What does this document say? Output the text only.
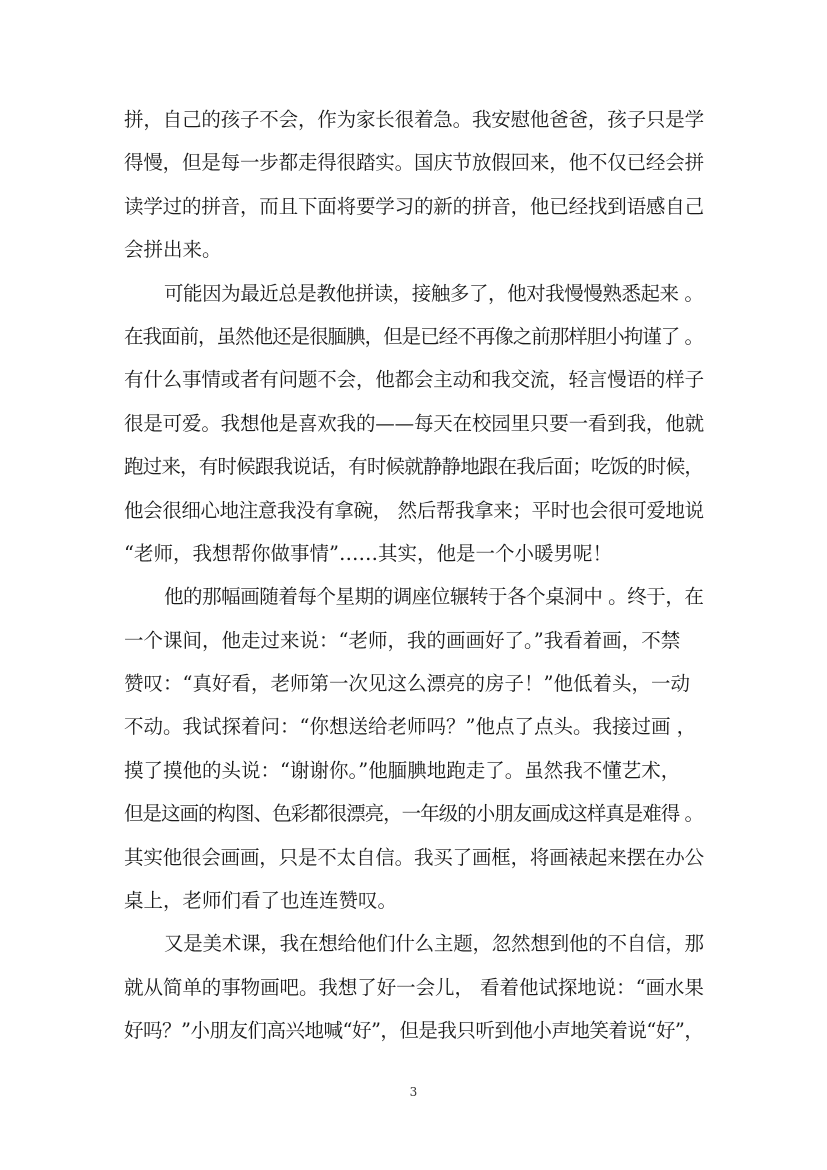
拼，自己的孩子不会，作为家长很着急。我安慰他爸爸，孩子只是学
得慢，但是每一步都走得很踏实。国庆节放假回来，他不仅已经会拼
读学过的拼音，而且下面将要学习的新的拼音，他已经找到语感自己
会拼出来。
可能因为最近总是教他拼读，接触多了，他对我慢慢熟悉起来 。
在我面前，虽然他还是很腼腆，但是已经不再像之前那样胆小拘谨了 。
有什么事情或者有问题不会，他都会主动和我交流，轻言慢语的样子
很是可爱。我想他是喜欢我的——每天在校园里只要一看到我，他就
跑过来，有时候跟我说话，有时候就静静地跟在我后面；吃饭的时候，
他会很细心地注意我没有拿碗， 然后帮我拿来；平时也会很可爱地说
“老师，我想帮你做事情”……其实，他是一个小暖男呢！
他的那幅画随着每个星期的调座位辗转于各个桌洞中 。终于，在
一个课间，他走过来说：“老师，我的画画好了。”我看着画，不禁
赞叹：“真好看，老师第一次见这么漂亮的房子！”他低着头，一动
不动。我试探着问：“你想送给老师吗？”他点了点头。我接过画 ，
摸了摸他的头说：“谢谢你。”他腼腆地跑走了。虽然我不懂艺术，
但是这画的构图、色彩都很漂亮，一年级的小朋友画成这样真是难得 。
其实他很会画画，只是不太自信。我买了画框，将画裱起来摆在办公
桌上，老师们看了也连连赞叹。
又是美术课，我在想给他们什么主题，忽然想到他的不自信，那
就从简单的事物画吧。我想了好一会儿， 看着他试探地说：“画水果
好吗？”小朋友们高兴地喊“好”，但是我只听到他小声地笑着说“好”，
3
